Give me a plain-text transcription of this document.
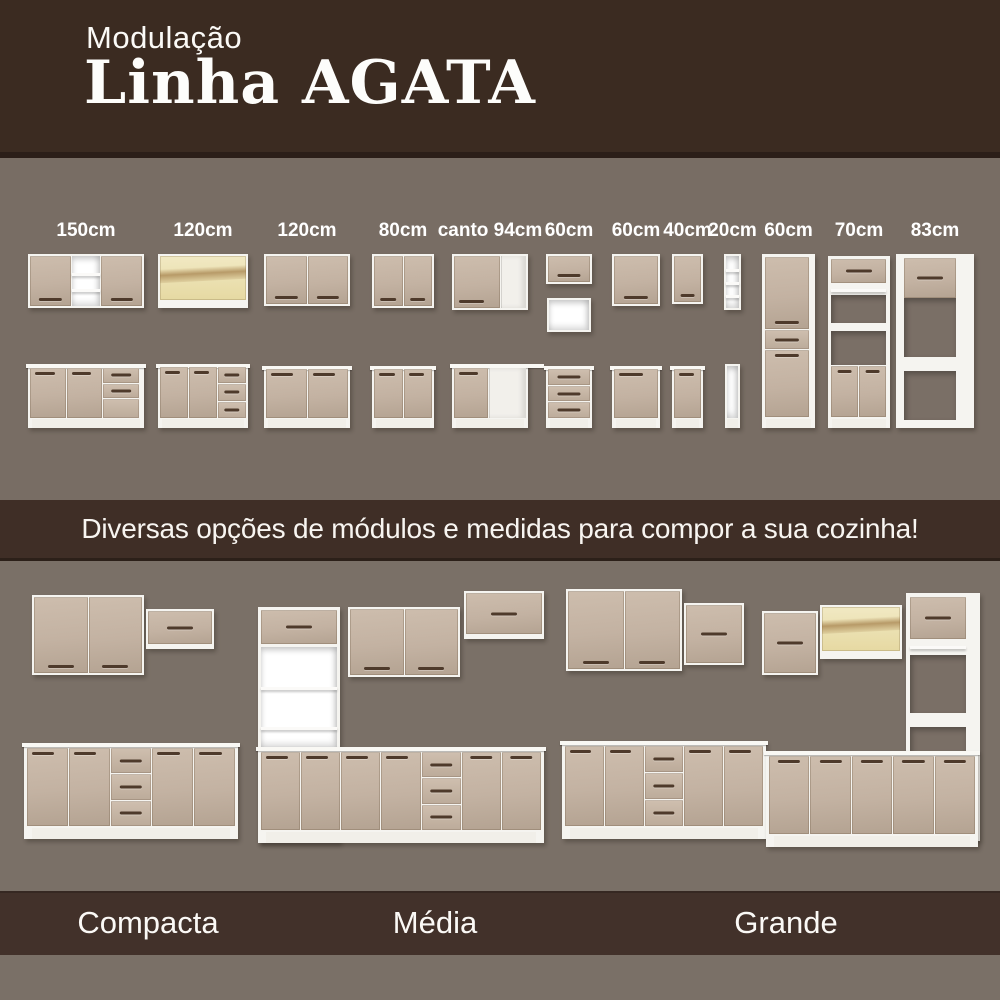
Modulação
Linha AGATA
150cm	120cm 120cm 80cm canto 94cm 60cm 60cm 40cm
20cm 60cm 70cm 83cm
Diversas opções de módulos e medidas para compor a sua cozinha!
Compacta	Média	Grande
